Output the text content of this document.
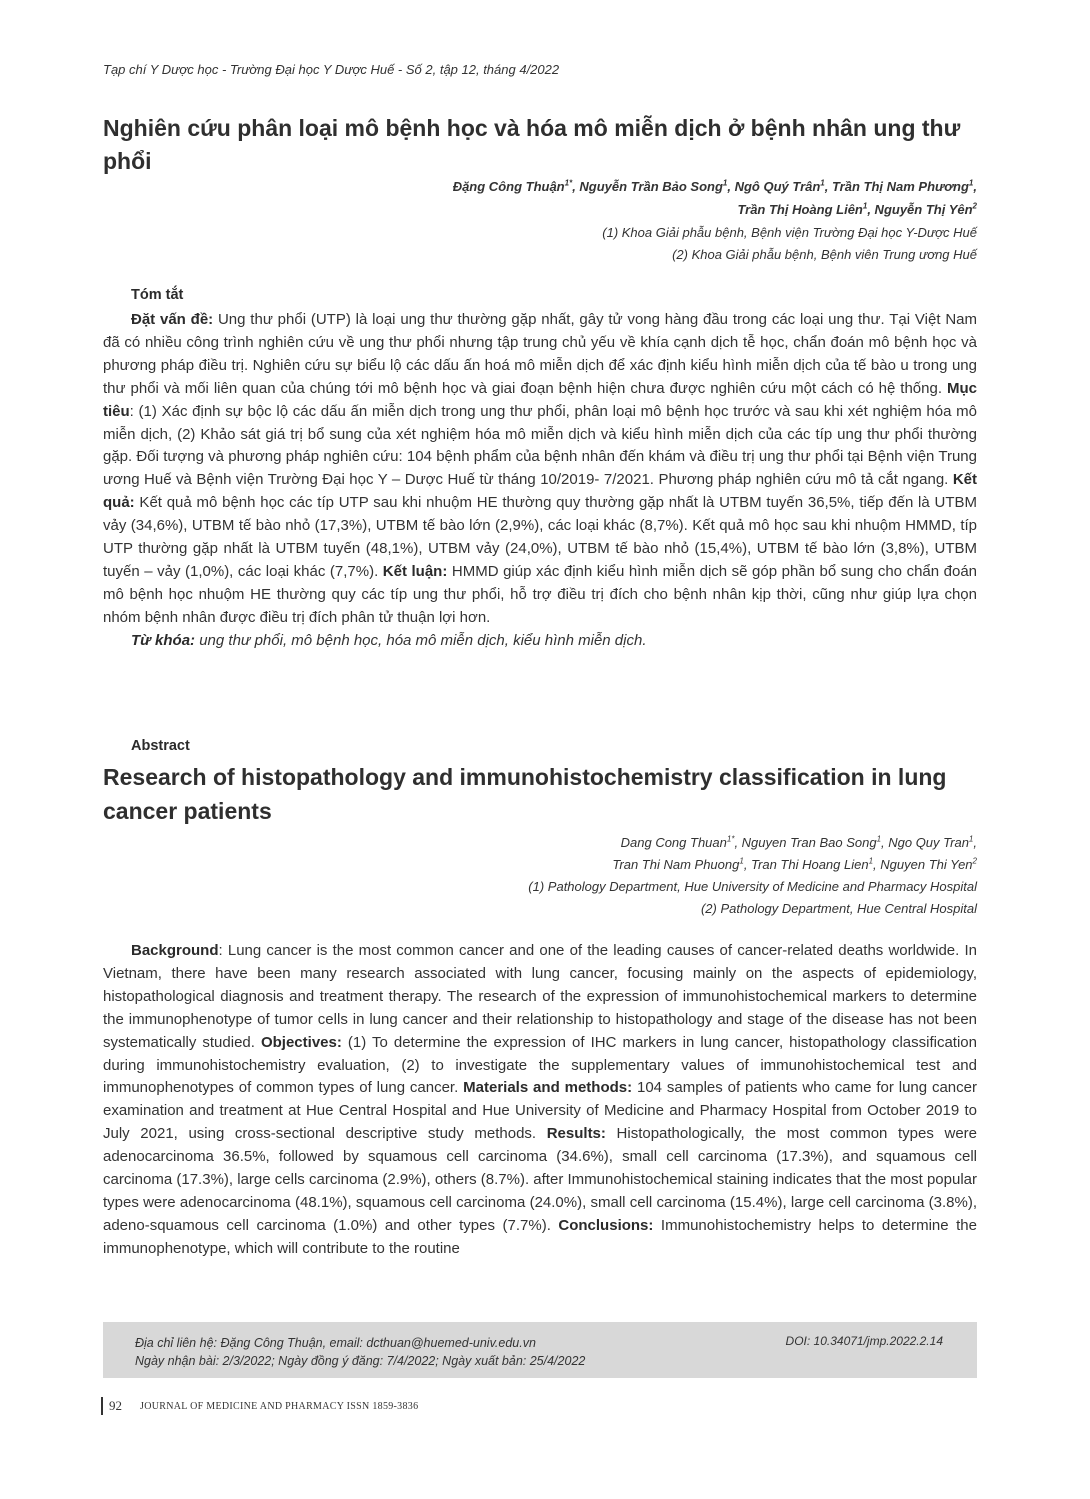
Tạp chí Y Dược học - Trường Đại học Y Dược Huế - Số 2, tập 12, tháng 4/2022
Nghiên cứu phân loại mô bệnh học và hóa mô miễn dịch ở bệnh nhân ung thư phổi
Đặng Công Thuận$^{1*}$, Nguyễn Trần Bảo Song$^1$, Ngô Quý Trân$^1$, Trần Thị Nam Phương$^1$,
Trần Thị Hoàng Liên$^1$, Nguyễn Thị Yên$^2$
(1) Khoa Giải phẫu bệnh, Bệnh viện Trường Đại học Y-Dược Huế
(2) Khoa Giải phẫu bệnh, Bệnh viên Trung ương Huế
Tóm tắt

Đặt vấn đề: Ung thư phổi (UTP) là loại ung thư thường gặp nhất, gây tử vong hàng đầu trong các loại ung thư. Tại Việt Nam đã có nhiều công trình nghiên cứu về ung thư phổi nhưng tập trung chủ yếu về khía cạnh dịch tễ học, chẩn đoán mô bệnh học và phương pháp điều trị. Nghiên cứu sự biểu lộ các dấu ấn hoá mô miễn dịch để xác định kiểu hình miễn dịch của tế bào u trong ung thư phổi và mối liên quan của chúng tới mô bệnh học và giai đoạn bệnh hiện chưa được nghiên cứu một cách có hệ thống. Mục tiêu: (1) Xác định sự bộc lộ các dấu ấn miễn dịch trong ung thư phổi, phân loại mô bệnh học trước và sau khi xét nghiệm hóa mô miễn dịch, (2) Khảo sát giá trị bổ sung của xét nghiệm hóa mô miễn dịch và kiểu hình miễn dịch của các típ ung thư phổi thường gặp. Đối tượng và phương pháp nghiên cứu: 104 bệnh phẩm của bệnh nhân đến khám và điều trị ung thư phổi tại Bệnh viện Trung ương Huế và Bệnh viện Trường Đại học Y – Dược Huế từ tháng 10/2019- 7/2021. Phương pháp nghiên cứu mô tả cắt ngang. Kết quả: Kết quả mô bệnh học các típ UTP sau khi nhuộm HE thường quy thường gặp nhất là UTBM tuyến 36,5%, tiếp đến là UTBM vảy (34,6%), UTBM tế bào nhỏ (17,3%), UTBM tế bào lớn (2,9%), các loại khác (8,7%). Kết quả mô học sau khi nhuộm HMMD, típ UTP thường gặp nhất là UTBM tuyến (48,1%), UTBM vảy (24,0%), UTBM tế bào nhỏ (15,4%), UTBM tế bào lớn (3,8%), UTBM tuyến – vảy (1,0%), các loại khác (7,7%). Kết luận: HMMD giúp xác định kiểu hình miễn dịch sẽ góp phần bổ sung cho chẩn đoán mô bệnh học nhuộm HE thường quy các típ ung thư phổi, hỗ trợ điều trị đích cho bệnh nhân kịp thời, cũng như giúp lựa chọn nhóm bệnh nhân được điều trị đích phân tử thuận lợi hơn.

Từ khóa: ung thư phổi, mô bệnh học, hóa mô miễn dịch, kiểu hình miễn dịch.

Abstract
Research of histopathology and immunohistochemistry classification in lung cancer patients
Dang Cong Thuan$^{1*}$, Nguyen Tran Bao Song$^1$, Ngo Quy Tran$^1$,
Tran Thi Nam Phuong$^1$, Tran Thi Hoang Lien$^1$, Nguyen Thi Yen$^2$
(1) Pathology Department, Hue University of Medicine and Pharmacy Hospital
(2) Pathology Department, Hue Central Hospital

Background: Lung cancer is the most common cancer and one of the leading causes of cancer-related deaths worldwide. In Vietnam, there have been many research associated with lung cancer, focusing mainly on the aspects of epidemiology, histopathological diagnosis and treatment therapy. The research of the expression of immunohistochemical markers to determine the immunophenotype of tumor cells in lung cancer and their relationship to histopathology and stage of the disease has not been systematically studied. Objectives: (1) To determine the expression of IHC markers in lung cancer, histopathology classification during immunohistochemistry evaluation, (2) to investigate the supplementary values of immunohistochemical test and immunophenotypes of common types of lung cancer. Materials and methods: 104 samples of patients who came for lung cancer examination and treatment at Hue Central Hospital and Hue University of Medicine and Pharmacy Hospital from October 2019 to July 2021, using cross-sectional descriptive study methods. Results: Histopathologically, the most common types were adenocarcinoma 36.5%, followed by squamous cell carcinoma (34.6%), small cell carcinoma (17.3%), and squamous cell carcinoma (17.3%), large cells carcinoma (2.9%), others (8.7%). after Immunohistochemical staining indicates that the most popular types were adenocarcinoma (48.1%), squamous cell carcinoma (24.0%), small cell carcinoma (15.4%), large cell carcinoma (3.8%), adeno-squamous cell carcinoma (1.0%) and other types (7.7%). Conclusions: Immunohistochemistry helps to determine the immunophenotype, which will contribute to the routine

Địa chỉ liên hệ: Đặng Công Thuận, email: dcthuan@huemed-univ.edu.vn
Ngày nhận bài: 2/3/2022; Ngày đồng ý đăng: 7/4/2022; Ngày xuất bản: 25/4/2022
DOI: 10.34071/jmp.2022.2.14
92 JOURNAL OF MEDICINE AND PHARMACY ISSN 1859-3836
